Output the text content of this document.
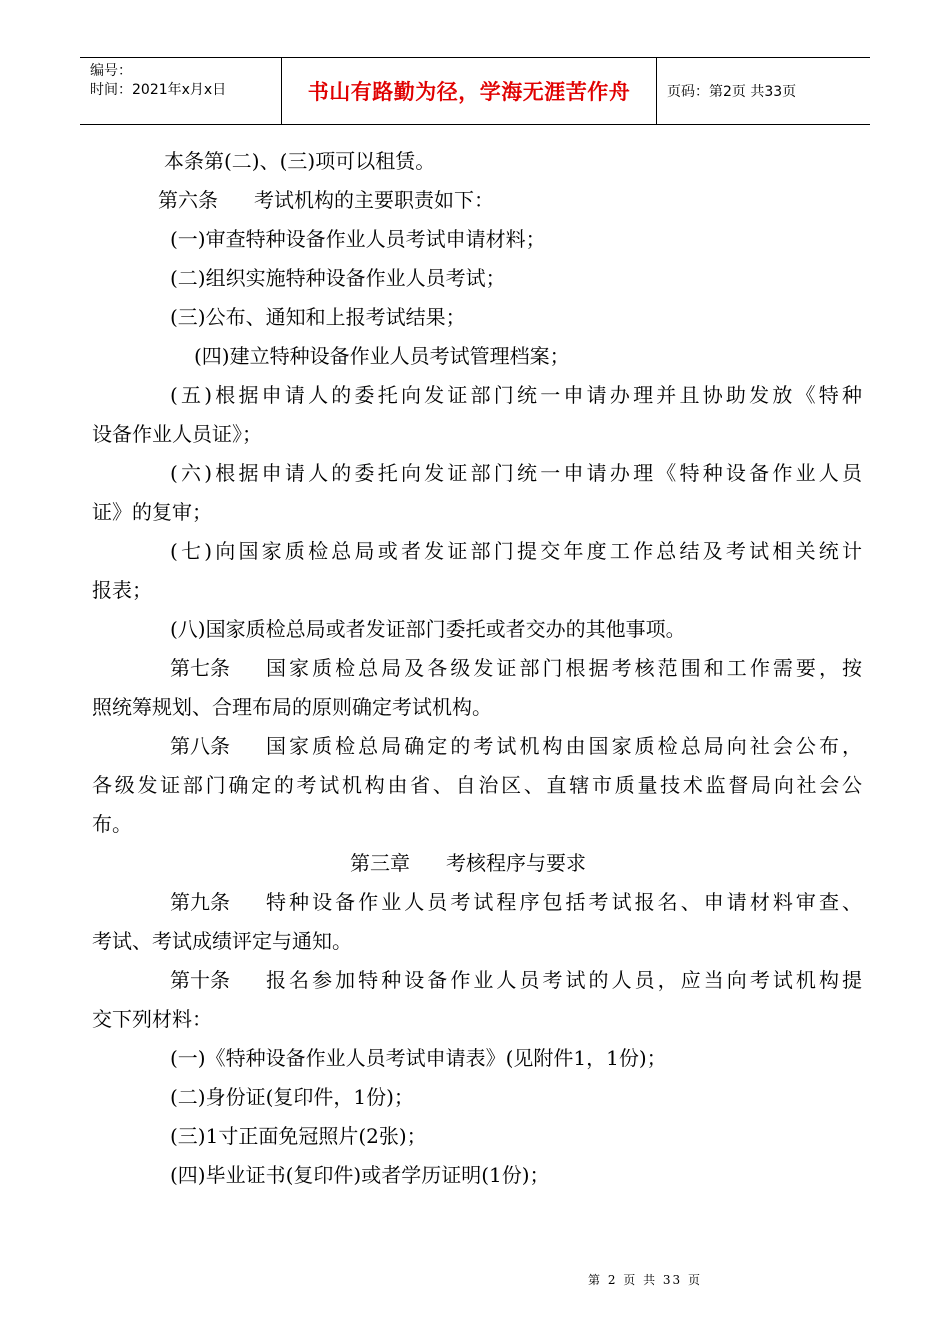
编号：
时间：2021年x月x日	书山有路勤为径，学海无涯苦作舟	页码：第2页 共33页
本条第(二)、(三)项可以租赁。
第六条 考试机构的主要职责如下：
(一)审查特种设备作业人员考试申请材料；
(二)组织实施特种设备作业人员考试；
(三)公布、通知和上报考试结果；
(四)建立特种设备作业人员考试管理档案；
(五)根据申请人的委托向发证部门统一申请办理并且协助发放《特种
设备作业人员证》；
(六)根据申请人的委托向发证部门统一申请办理《特种设备作业人员
证》的复审；
(七)向国家质检总局或者发证部门提交年度工作总结及考试相关统计
报表；
(八)国家质检总局或者发证部门委托或者交办的其他事项。
第七条 国家质检总局及各级发证部门根据考核范围和工作需要，按
照统筹规划、合理布局的原则确定考试机构。
第八条 国家质检总局确定的考试机构由国家质检总局向社会公布，
各级发证部门确定的考试机构由省、自治区、直辖市质量技术监督局向社会公
布。
第三章 考核程序与要求
第九条 特种设备作业人员考试程序包括考试报名、申请材料审查、
考试、考试成绩评定与通知。
第十条 报名参加特种设备作业人员考试的人员，应当向考试机构提
交下列材料：
(一)《特种设备作业人员考试申请表》(见附件1，1份)；
(二)身份证(复印件，1份)；
(三)1寸正面免冠照片(2张)；
(四)毕业证书(复印件)或者学历证明(1份)；
第 2 页 共 33 页
